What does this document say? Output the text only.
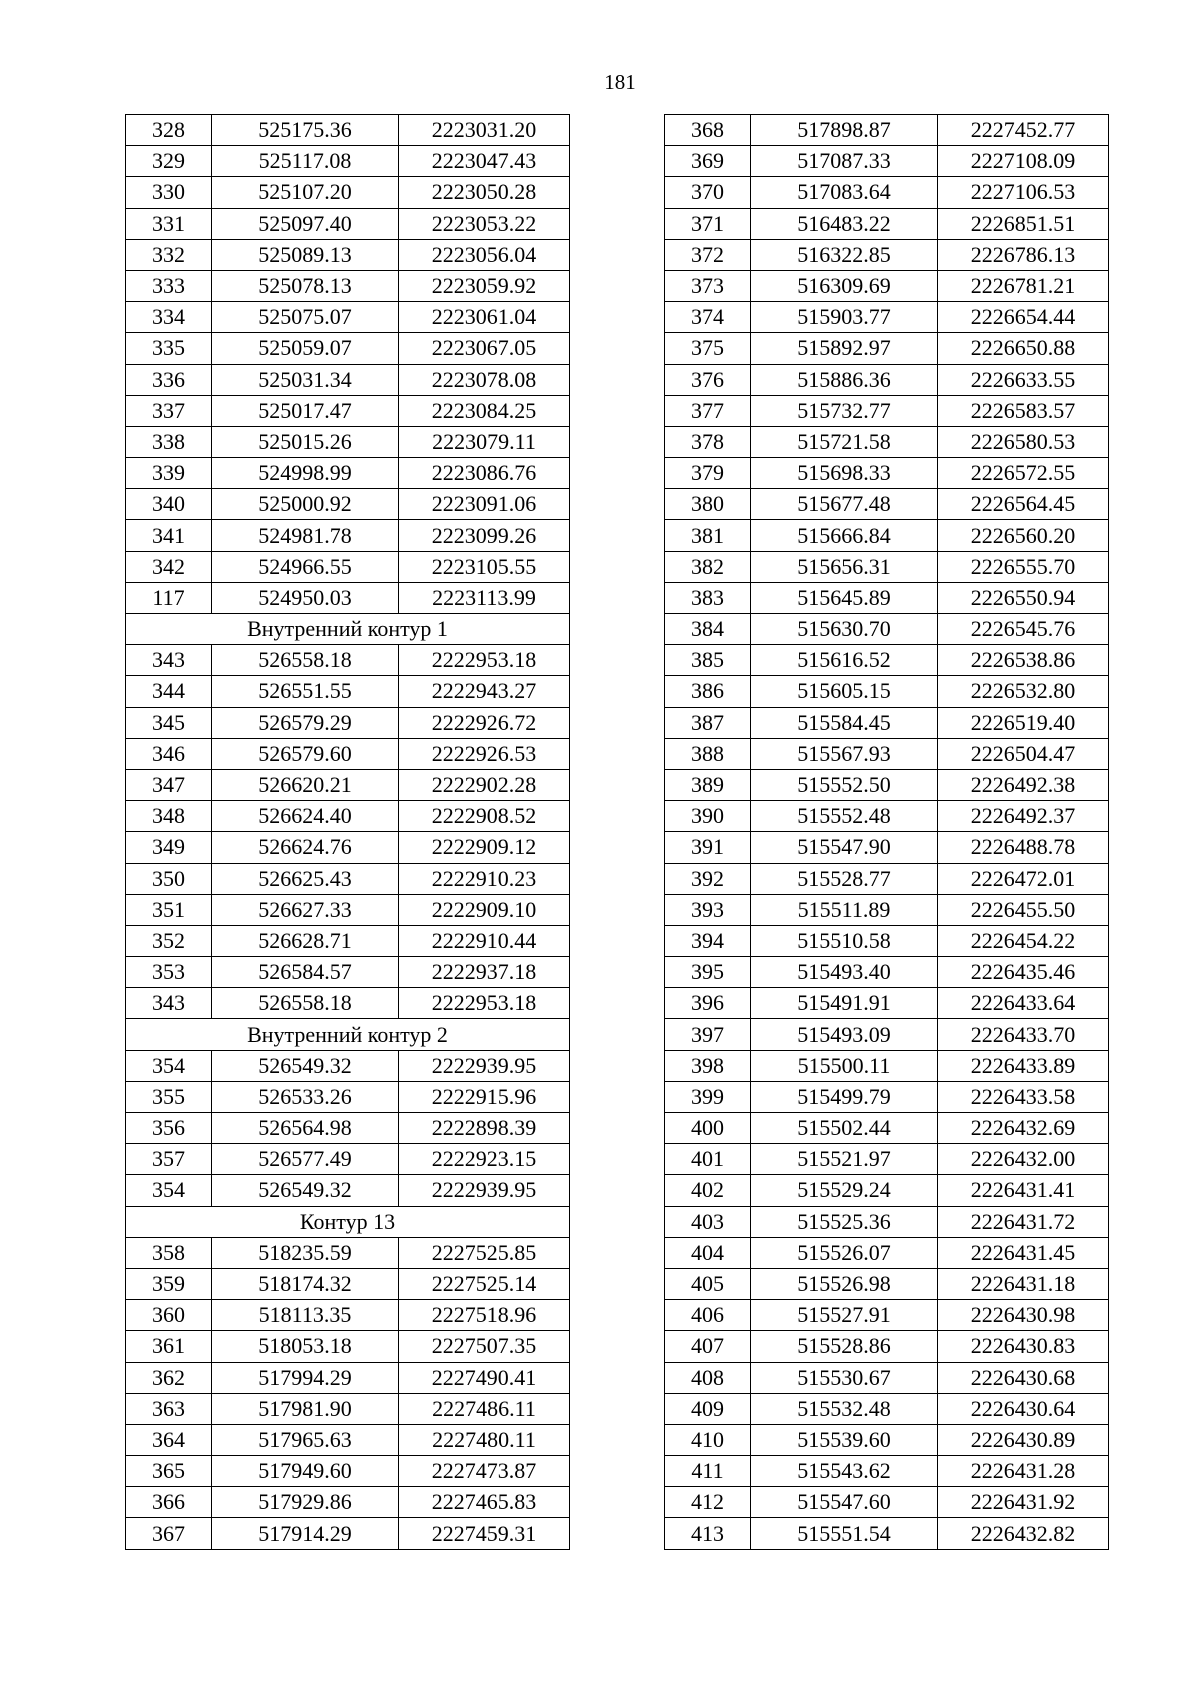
181
328	525175.36	2223031.20
329	525117.08	2223047.43
330	525107.20	2223050.28
331	525097.40	2223053.22
332	525089.13	2223056.04
333	525078.13	2223059.92
334	525075.07	2223061.04
335	525059.07	2223067.05
336	525031.34	2223078.08
337	525017.47	2223084.25
338	525015.26	2223079.11
339	524998.99	2223086.76
340	525000.92	2223091.06
341	524981.78	2223099.26
342	524966.55	2223105.55
117	524950.03	2223113.99
Внутренний контур 1		
343	526558.18	2222953.18
344	526551.55	2222943.27
345	526579.29	2222926.72
346	526579.60	2222926.53
347	526620.21	2222902.28
348	526624.40	2222908.52
349	526624.76	2222909.12
350	526625.43	2222910.23
351	526627.33	2222909.10
352	526628.71	2222910.44
353	526584.57	2222937.18
343	526558.18	2222953.18
Внутренний контур 2		
354	526549.32	2222939.95
355	526533.26	2222915.96
356	526564.98	2222898.39
357	526577.49	2222923.15
354	526549.32	2222939.95
Контур 13		
358	518235.59	2227525.85
359	518174.32	2227525.14
360	518113.35	2227518.96
361	518053.18	2227507.35
362	517994.29	2227490.41
363	517981.90	2227486.11
364	517965.63	2227480.11
365	517949.60	2227473.87
366	517929.86	2227465.83
367	517914.29	2227459.31
368	517898.87	2227452.77
369	517087.33	2227108.09
370	517083.64	2227106.53
371	516483.22	2226851.51
372	516322.85	2226786.13
373	516309.69	2226781.21
374	515903.77	2226654.44
375	515892.97	2226650.88
376	515886.36	2226633.55
377	515732.77	2226583.57
378	515721.58	2226580.53
379	515698.33	2226572.55
380	515677.48	2226564.45
381	515666.84	2226560.20
382	515656.31	2226555.70
383	515645.89	2226550.94
384	515630.70	2226545.76
385	515616.52	2226538.86
386	515605.15	2226532.80
387	515584.45	2226519.40
388	515567.93	2226504.47
389	515552.50	2226492.38
390	515552.48	2226492.37
391	515547.90	2226488.78
392	515528.77	2226472.01
393	515511.89	2226455.50
394	515510.58	2226454.22
395	515493.40	2226435.46
396	515491.91	2226433.64
397	515493.09	2226433.70
398	515500.11	2226433.89
399	515499.79	2226433.58
400	515502.44	2226432.69
401	515521.97	2226432.00
402	515529.24	2226431.41
403	515525.36	2226431.72
404	515526.07	2226431.45
405	515526.98	2226431.18
406	515527.91	2226430.98
407	515528.86	2226430.83
408	515530.67	2226430.68
409	515532.48	2226430.64
410	515539.60	2226430.89
411	515543.62	2226431.28
412	515547.60	2226431.92
413	515551.54	2226432.82
